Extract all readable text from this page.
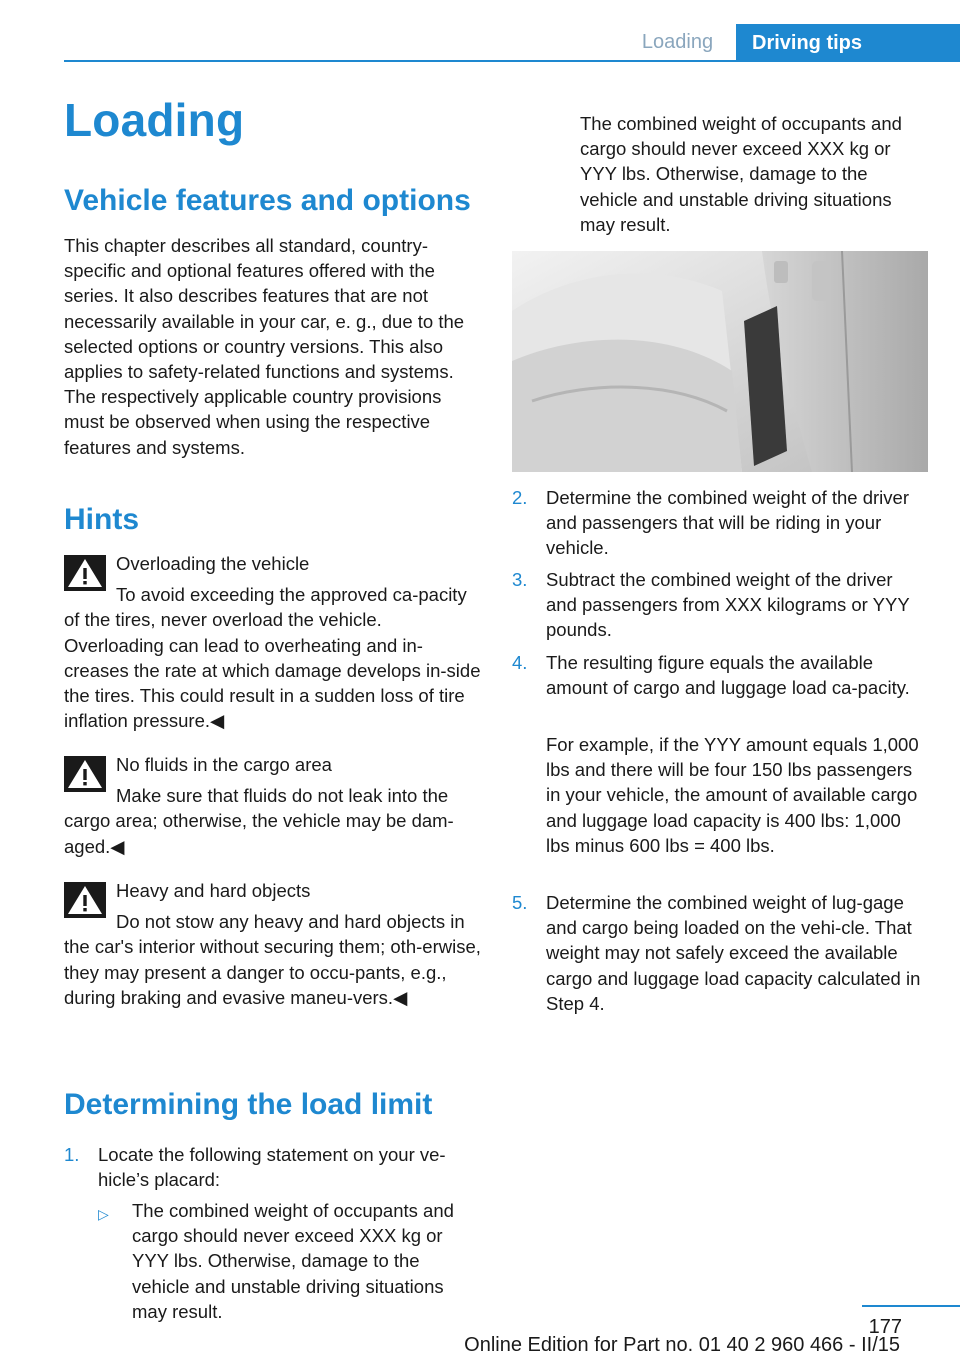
Loading	Driving tips
Loading
Vehicle features and options
This chapter describes all standard, country-specific and optional features offered with the series. It also describes features that are not necessarily available in your car, e. g., due to the selected options or country versions. This also applies to safety-related functions and systems. The respectively applicable country provisions must be observed when using the respective features and systems.
Hints
Overloading the vehicle
To avoid exceeding the approved ca-pacity of the tires, never overload the vehicle. Overloading can lead to overheating and in-creases the rate at which damage develops in-side the tires. This could result in a sudden loss of tire inflation pressure.◀
No fluids in the cargo area
Make sure that fluids do not leak into the cargo area; otherwise, the vehicle may be dam-aged.◀
Heavy and hard objects
Do not stow any heavy and hard objects in the car's interior without securing them; oth-erwise, they may present a danger to occu-pants, e.g., during braking and evasive maneu-vers.◀
Determining the load limit
1.	Locate the following statement on your ve-hicle’s placard:
▷	The combined weight of occupants and cargo should never exceed XXX kg or YYY lbs. Otherwise, damage to the vehicle and unstable driving situations may result.
The combined weight of occupants and cargo should never exceed XXX kg or YYY lbs. Otherwise, damage to the vehicle and unstable driving situations may result.
2.	Determine the combined weight of the driver and passengers that will be riding in your vehicle.
3.	Subtract the combined weight of the driver and passengers from XXX kilograms or YYY pounds.
4.	The resulting figure equals the available amount of cargo and luggage load ca-pacity.
For example, if the YYY amount equals 1,000 lbs and there will be four 150 lbs passengers in your vehicle, the amount of available cargo and luggage load capacity is 400 lbs: 1,000 lbs minus 600 lbs = 400 lbs.
5.	Determine the combined weight of lug-gage and cargo being loaded on the vehi-cle. That weight may not safely exceed the available cargo and luggage load capacity calculated in Step 4.
177
Online Edition for Part no. 01 40 2 960 466 - II/15
